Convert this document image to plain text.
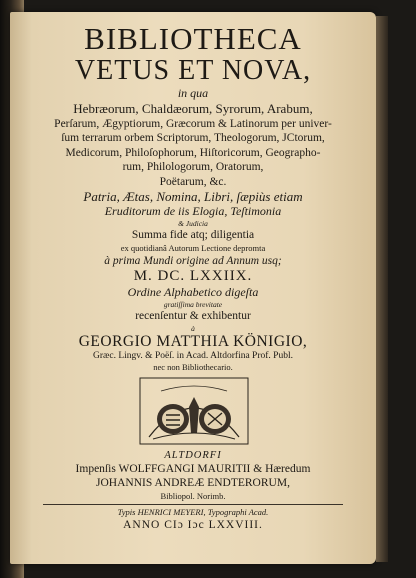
BIBLIOTHECA

VETUS ET NOVA,

in qua

Hebræorum, Chaldæorum, Syrorum, Arabum,

Perſarum, Ægyptiorum, Græcorum & Latinorum per univer-

ſum terrarum orbem Scriptorum, Theologorum, JCtorum,

Medicorum, Philoſophorum, Hiſtoricorum, Geographo-

rum, Philologorum, Oratorum,

Poëtarum, &c.

Patria, Ætas, Nomina, Libri, ſæpiùs etiam

Eruditorum de iis Elogia, Teſtimonia

& Judicia

Summa fide atq; diligentia

ex quotidianâ Autorum Lectione depromta

à prima Mundi origine ad Annum usq;

M. DC. LXXIIX.

Ordine Alphabetico digeſta

gratiſſima brevitate

recenſentur & exhibentur

à

GEORGIO MATTHIA KÖNIGIO,

Græc. Lingv. & Poëſ. in Acad. Altdorfina Prof. Publ.

nec non Bibliothecario.

ALTDORFI

Impenſis WOLFFGANGI MAURITII & Hæredum

JOHANNIS ANDREÆ ENDTERORUM,

Bibliopol. Norimb.

Typis HENRICI MEYERI, Typographi Acad.

ANNO CIɔ Iɔc LXXVIII.
